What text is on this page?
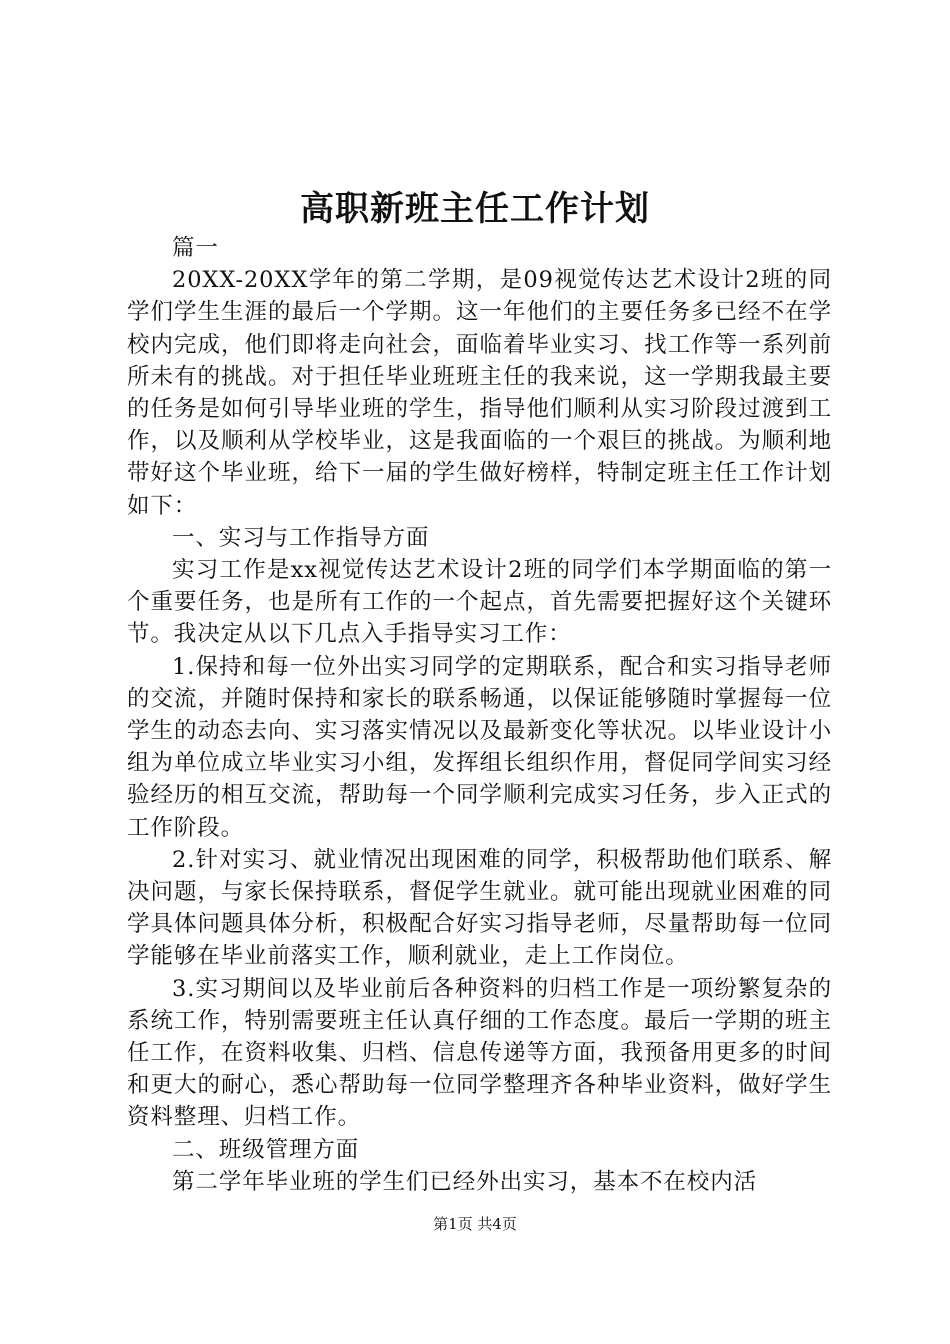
高职新班主任工作计划

篇一

20XX-20XX学年的第二学期，是09视觉传达艺术设计2班的同学们学生生涯的最后一个学期。这一年他们的主要任务多已经不在学校内完成，他们即将走向社会，面临着毕业实习、找工作等一系列前所未有的挑战。对于担任毕业班班主任的我来说，这一学期我最主要的任务是如何引导毕业班的学生，指导他们顺利从实习阶段过渡到工作，以及顺利从学校毕业，这是我面临的一个艰巨的挑战。为顺利地带好这个毕业班，给下一届的学生做好榜样，特制定班主任工作计划如下：

一、实习与工作指导方面

实习工作是xx视觉传达艺术设计2班的同学们本学期面临的第一个重要任务，也是所有工作的一个起点，首先需要把握好这个关键环节。我决定从以下几点入手指导实习工作：

1.保持和每一位外出实习同学的定期联系，配合和实习指导老师的交流，并随时保持和家长的联系畅通，以保证能够随时掌握每一位学生的动态去向、实习落实情况以及最新变化等状况。以毕业设计小组为单位成立毕业实习小组，发挥组长组织作用，督促同学间实习经验经历的相互交流，帮助每一个同学顺利完成实习任务，步入正式的工作阶段。

2.针对实习、就业情况出现困难的同学，积极帮助他们联系、解决问题，与家长保持联系，督促学生就业。就可能出现就业困难的同学具体问题具体分析，积极配合好实习指导老师，尽量帮助每一位同学能够在毕业前落实工作，顺利就业，走上工作岗位。

3.实习期间以及毕业前后各种资料的归档工作是一项纷繁复杂的系统工作，特别需要班主任认真仔细的工作态度。最后一学期的班主任工作，在资料收集、归档、信息传递等方面，我预备用更多的时间和更大的耐心，悉心帮助每一位同学整理齐各种毕业资料，做好学生资料整理、归档工作。

二、班级管理方面

第二学年毕业班的学生们已经外出实习，基本不在校内活

第1页 共4页
